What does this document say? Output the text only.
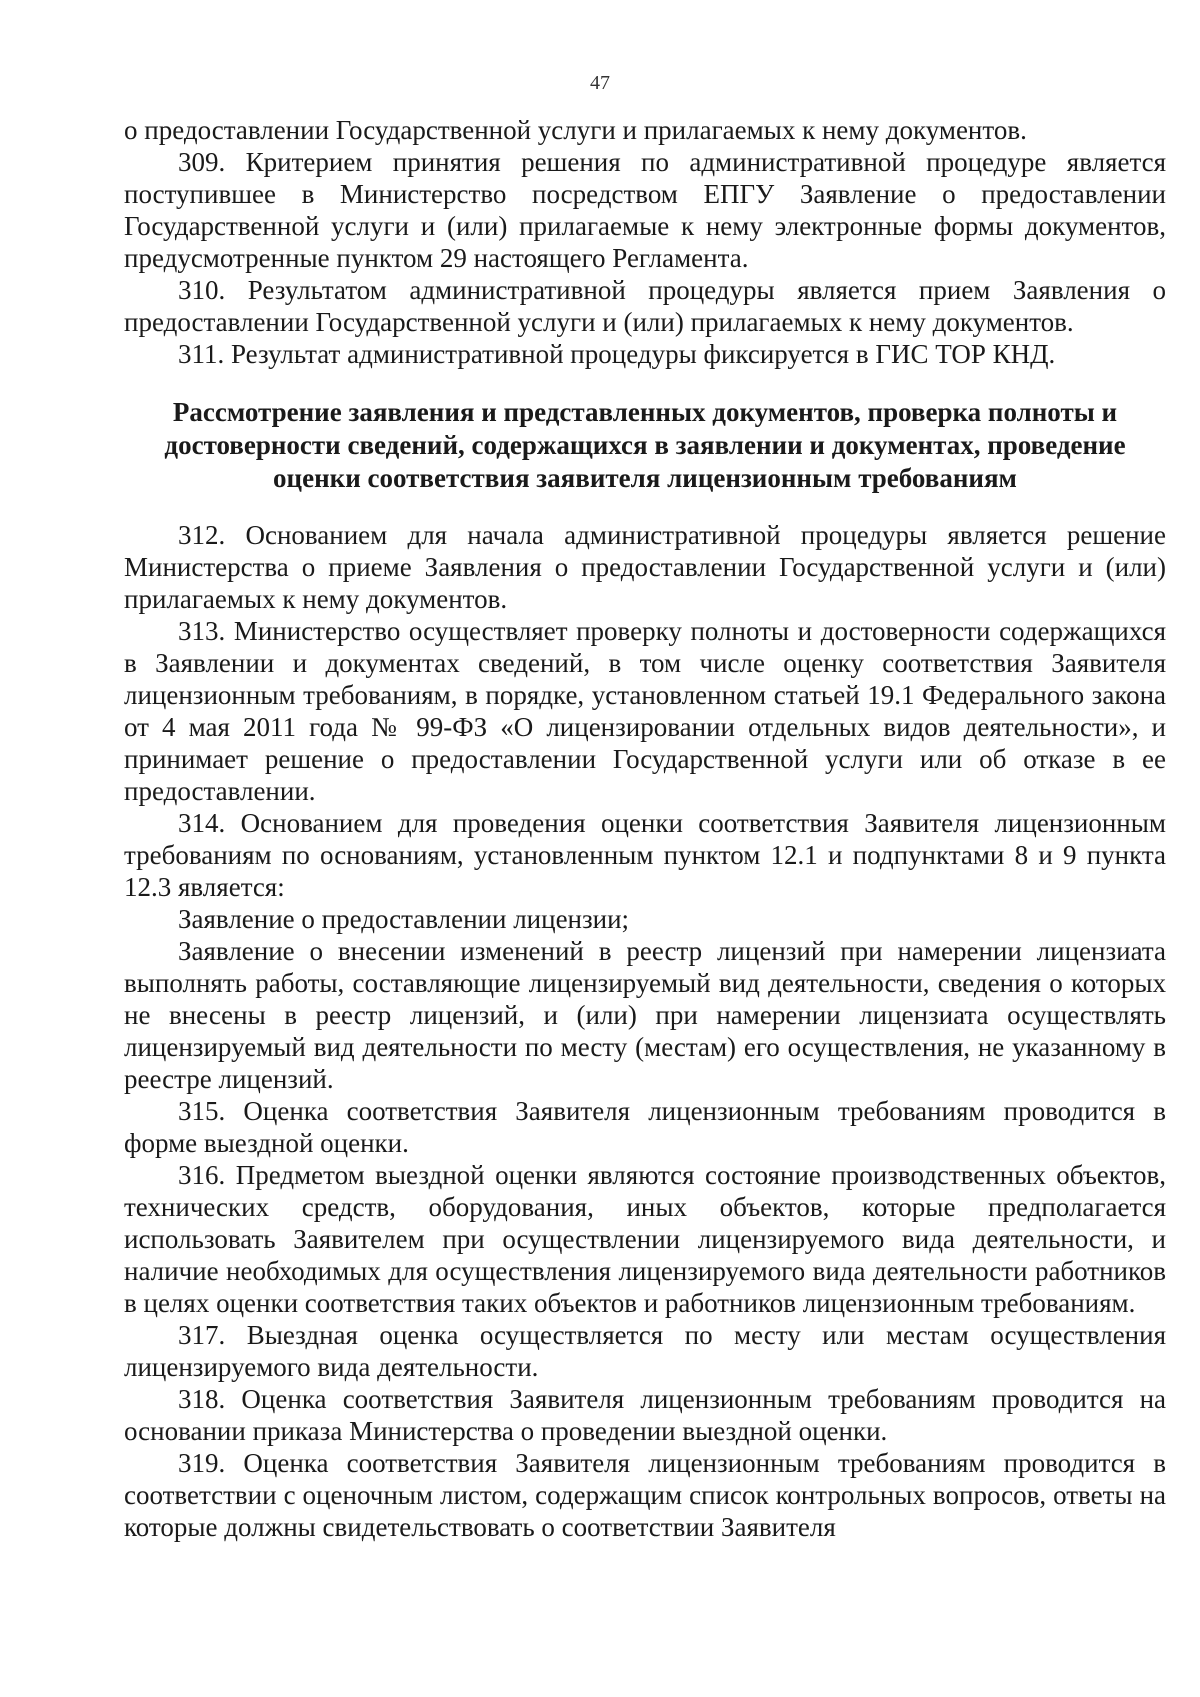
47

о предоставлении Государственной услуги и прилагаемых к нему документов.

309. Критерием принятия решения по административной процедуре является поступившее в Министерство посредством ЕПГУ Заявление о предоставлении Государственной услуги и (или) прилагаемые к нему электронные формы документов, предусмотренные пунктом 29 настоящего Регламента.

310. Результатом административной процедуры является прием Заявления о предоставлении Государственной услуги и (или) прилагаемых к нему документов.

311. Результат административной процедуры фиксируется в ГИС ТОР КНД.

Рассмотрение заявления и представленных документов, проверка полноты и достоверности сведений, содержащихся в заявлении и документах, проведение оценки соответствия заявителя лицензионным требованиям

312. Основанием для начала административной процедуры является решение Министерства о приеме Заявления о предоставлении Государственной услуги и (или) прилагаемых к нему документов.

313. Министерство осуществляет проверку полноты и достоверности содержащихся в Заявлении и документах сведений, в том числе оценку соответствия Заявителя лицензионным требованиям, в порядке, установленном статьей 19.1 Федерального закона от 4 мая 2011 года № 99-ФЗ «О лицензировании отдельных видов деятельности», и принимает решение о предоставлении Государственной услуги или об отказе в ее предоставлении.

314. Основанием для проведения оценки соответствия Заявителя лицензионным требованиям по основаниям, установленным пунктом 12.1 и подпунктами 8 и 9 пункта 12.3 является:

Заявление о предоставлении лицензии;

Заявление о внесении изменений в реестр лицензий при намерении лицензиата выполнять работы, составляющие лицензируемый вид деятельности, сведения о которых не внесены в реестр лицензий, и (или) при намерении лицензиата осуществлять лицензируемый вид деятельности по месту (местам) его осуществления, не указанному в реестре лицензий.

315. Оценка соответствия Заявителя лицензионным требованиям проводится в форме выездной оценки.

316. Предметом выездной оценки являются состояние производственных объектов, технических средств, оборудования, иных объектов, которые предполагается использовать Заявителем при осуществлении лицензируемого вида деятельности, и наличие необходимых для осуществления лицензируемого вида деятельности работников в целях оценки соответствия таких объектов и работников лицензионным требованиям.

317. Выездная оценка осуществляется по месту или местам осуществления лицензируемого вида деятельности.

318. Оценка соответствия Заявителя лицензионным требованиям проводится на основании приказа Министерства о проведении выездной оценки.

319. Оценка соответствия Заявителя лицензионным требованиям проводится в соответствии с оценочным листом, содержащим список контрольных вопросов, ответы на которые должны свидетельствовать о соответствии Заявителя
